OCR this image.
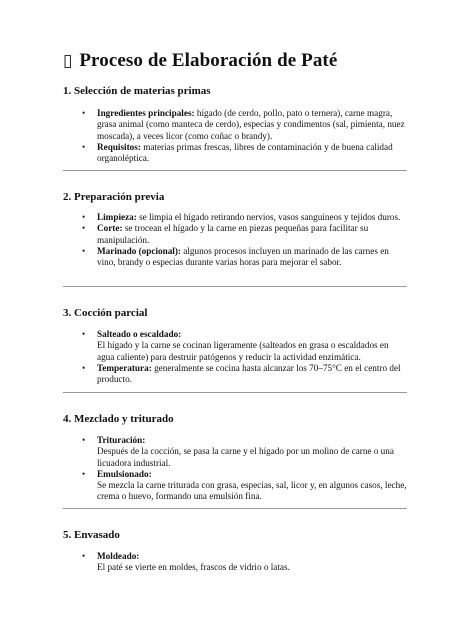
▯ Proceso de Elaboración de Paté
1. Selección de materias primas
• Ingredientes principales: hígado (de cerdo, pollo, pato o ternera), carne magra, grasa animal (como manteca de cerdo), especias y condimentos (sal, pimienta, nuez moscada), a veces licor (como coñac o brandy).
• Requisitos: materias primas frescas, libres de contaminación y de buena calidad organoléptica.
2. Preparación previa
• Limpieza: se limpia el hígado retirando nervios, vasos sanguíneos y tejidos duros.
• Corte: se trocean el hígado y la carne en piezas pequeñas para facilitar su manipulación.
• Marinado (opcional): algunos procesos incluyen un marinado de las carnes en vino, brandy o especias durante varias horas para mejorar el sabor.
3. Cocción parcial
• Salteado o escaldado:
El hígado y la carne se cocinan ligeramente (salteados en grasa o escaldados en agua caliente) para destruir patógenos y reducir la actividad enzimática.
• Temperatura: generalmente se cocina hasta alcanzar los 70–75°C en el centro del producto.
4. Mezclado y triturado
• Trituración:
Después de la cocción, se pasa la carne y el hígado por un molino de carne o una licuadora industrial.
• Emulsionado:
Se mezcla la carne triturada con grasa, especias, sal, licor y, en algunos casos, leche, crema o huevo, formando una emulsión fina.
5. Envasado
• Moldeado:
El paté se vierte en moldes, frascos de vidrio o latas.
